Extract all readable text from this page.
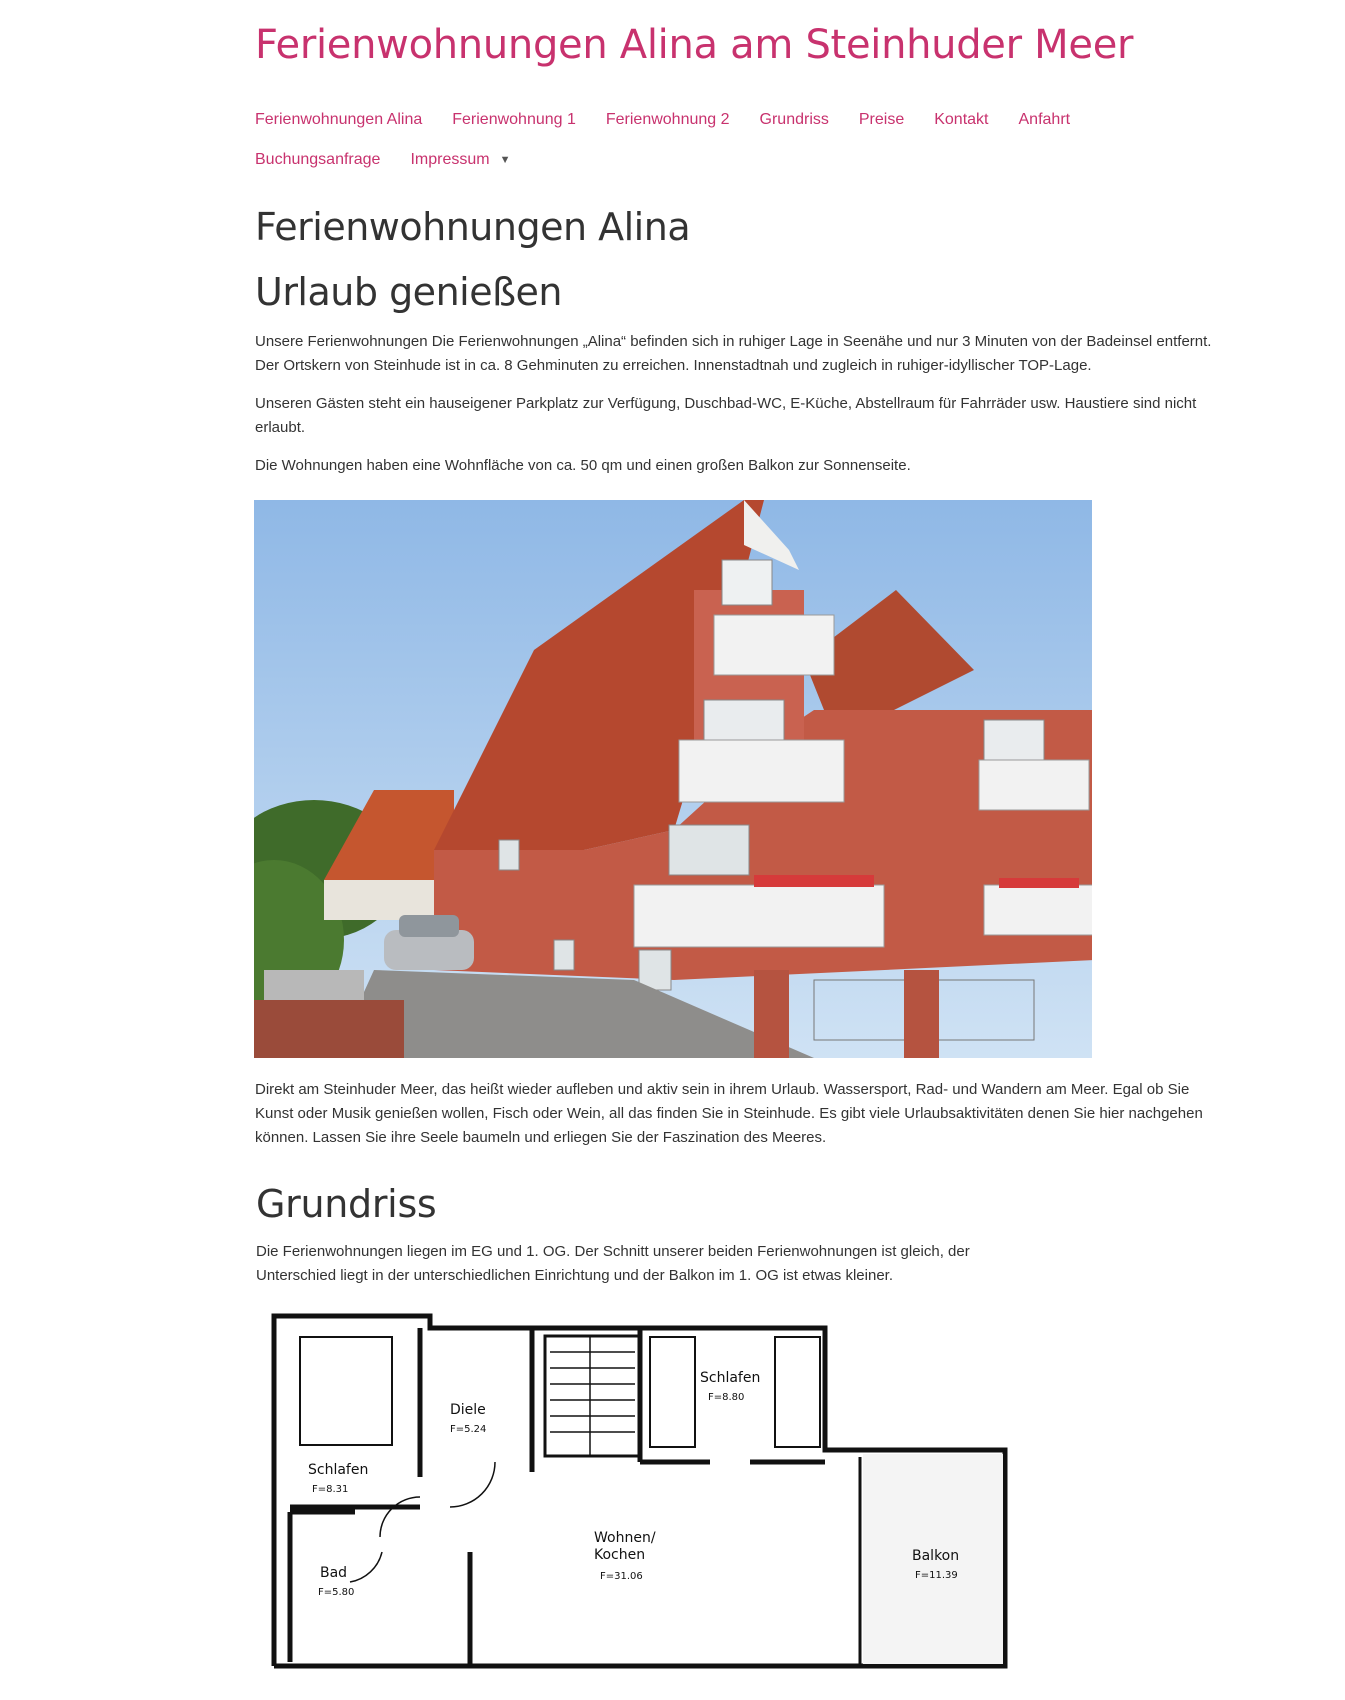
Ferienwohnungen Alina am Steinhuder Meer
Ferienwohnungen Alina Ferienwohnung 1 Ferienwohnung 2 Grundriss Preise Kontakt Anfahrt
Buchungsanfrage Impressum ▼
Ferienwohnungen Alina
Urlaub genießen

Unsere Ferienwohnungen Die Ferienwohnungen „Alina“ befinden sich in ruhiger Lage in Seenähe und nur 3 Minuten von der Badeinsel entfernt. Der Ortskern von Steinhude ist in ca. 8 Gehminuten zu erreichen. Innenstadtnah und zugleich in ruhiger-idyllischer TOP-Lage.

Unseren Gästen steht ein hauseigener Parkplatz zur Verfügung, Duschbad-WC, E-Küche, Abstellraum für Fahrräder usw. Haustiere sind nicht erlaubt.

Die Wohnungen haben eine Wohnfläche von ca. 50 qm und einen großen Balkon zur Sonnenseite.

Direkt am Steinhuder Meer, das heißt wieder aufleben und aktiv sein in ihrem Urlaub. Wassersport, Rad- und Wandern am Meer. Egal ob Sie Kunst oder Musik genießen wollen, Fisch oder Wein, all das finden Sie in Steinhude. Es gibt viele Urlaubsaktivitäten denen Sie hier nachgehen können. Lassen Sie ihre Seele baumeln und erliegen Sie der Faszination des Meeres.

Grundriss

Die Ferienwohnungen liegen im EG und 1. OG. Der Schnitt unserer beiden Ferienwohnungen ist gleich, der Unterschied liegt in der unterschiedlichen Einrichtung und der Balkon im 1. OG ist etwas kleiner.

Schlafen
F=8.31
Diele
F=5.24
Schlafen
F=8.80
Wohnen/
Kochen
F=31.06
Bad
F=5.80
Balkon
F=11.39
